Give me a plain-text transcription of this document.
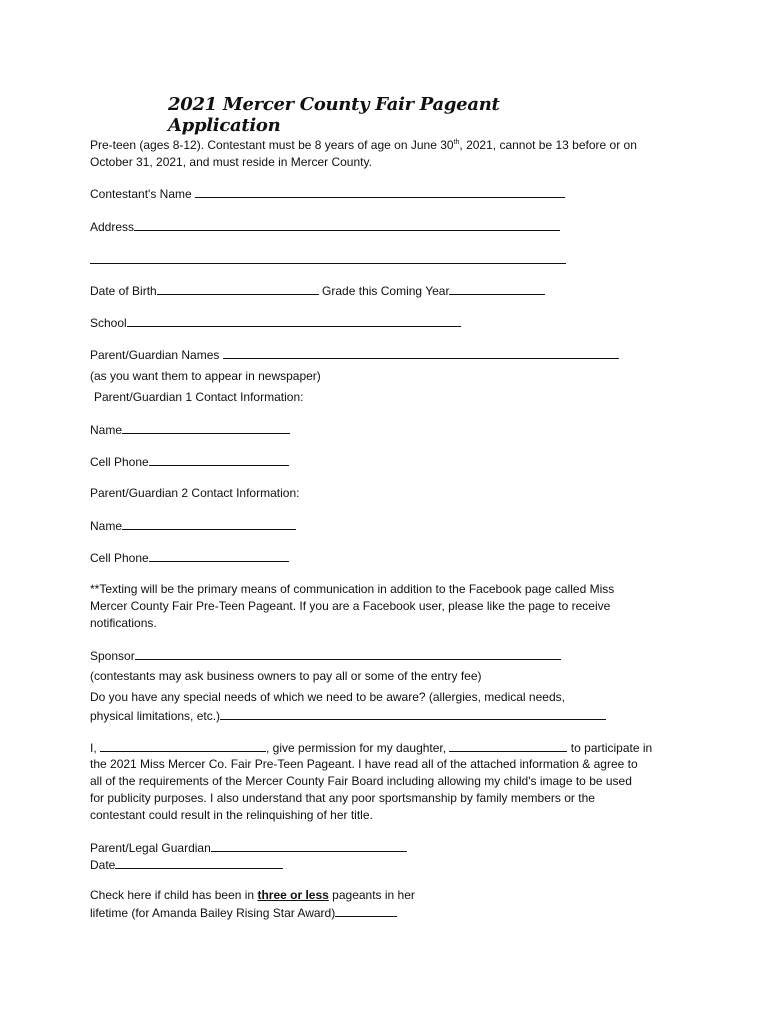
2021 Mercer County Fair Pageant Application
Pre-teen (ages 8-12). Contestant must be 8 years of age on June 30th, 2021, cannot be 13 before or on
October 31, 2021, and must reside in Mercer County.
Contestant's Name
Address
Date of Birth	Grade this Coming Year
School
Parent/Guardian Names
(as you want them to appear in newspaper)
Parent/Guardian 1 Contact Information:
Name
Cell Phone
Parent/Guardian 2 Contact Information:
Name
Cell Phone
**Texting will be the primary means of communication in addition to the Facebook page called Miss
Mercer County Fair Pre-Teen Pageant. If you are a Facebook user, please like the page to receive
notifications.
Sponsor
(contestants may ask business owners to pay all or some of the entry fee)
Do you have any special needs of which we need to be aware? (allergies, medical needs,
physical limitations, etc.)
I,	, give permission for my daughter,	to participate in
the 2021 Miss Mercer Co. Fair Pre-Teen Pageant. I have read all of the attached information & agree to
all of the requirements of the Mercer County Fair Board including allowing my child's image to be used
for publicity purposes. I also understand that any poor sportsmanship by family members or the
contestant could result in the relinquishing of her title.
Parent/Legal Guardian
Date
Check here if child has been in three or less pageants in her
lifetime (for Amanda Bailey Rising Star Award)
